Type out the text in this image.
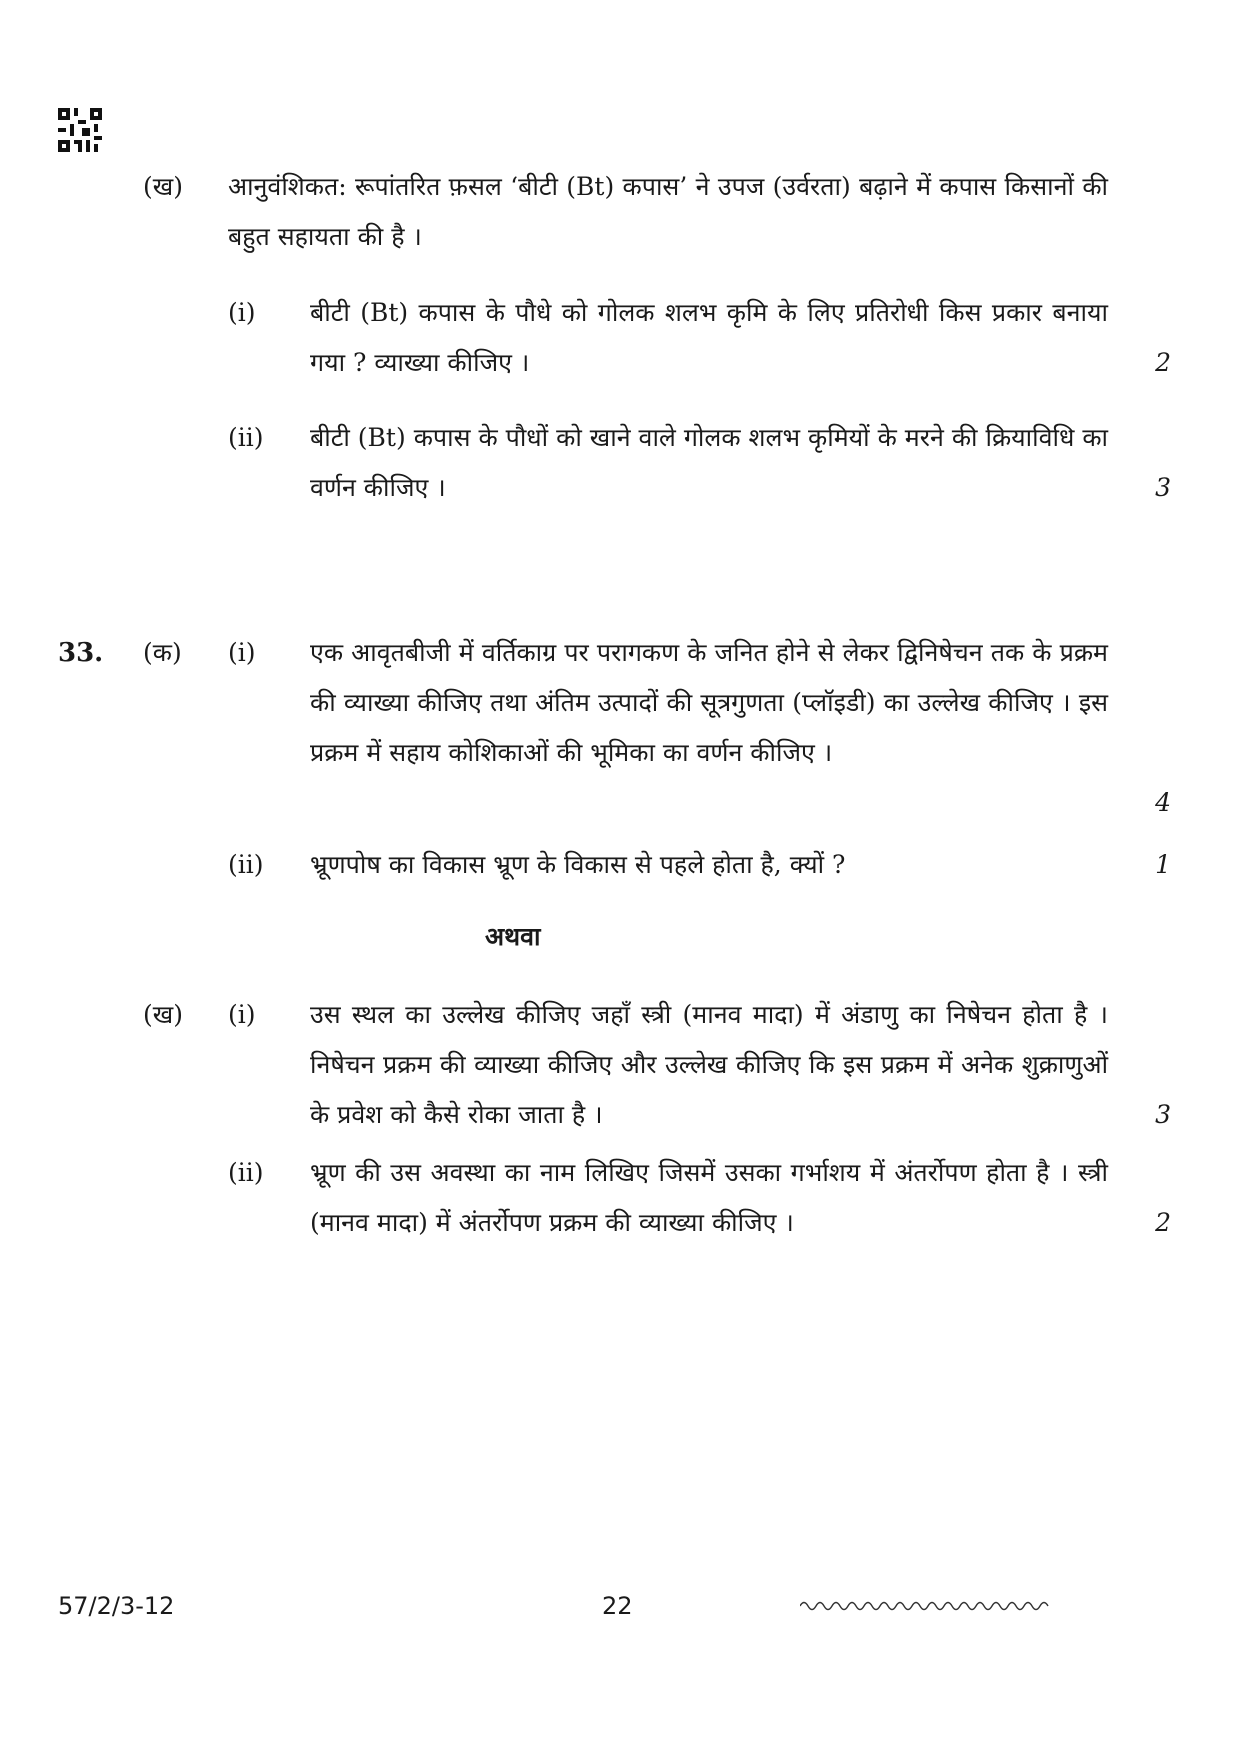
(ख) आनुवंशिकत: रूपांतरित फ़सल ‘बीटी (Bt) कपास’ ने उपज (उर्वरता) बढ़ाने में कपास किसानों की बहुत सहायता की है ।
(i) बीटी (Bt) कपास के पौधे को गोलक शलभ कृमि के लिए प्रतिरोधी किस प्रकार बनाया गया ? व्याख्या कीजिए ।	2
(ii) बीटी (Bt) कपास के पौधों को खाने वाले गोलक शलभ कृमियों के मरने की क्रियाविधि का वर्णन कीजिए ।	3
33. (क) (i) एक आवृतबीजी में वर्तिकाग्र पर परागकण के जनित होने से लेकर द्विनिषेचन तक के प्रक्रम की व्याख्या कीजिए तथा अंतिम उत्पादों की सूत्रगुणता (प्लॉइडी) का उल्लेख कीजिए । इस प्रक्रम में सहाय कोशिकाओं की भूमिका का वर्णन कीजिए ।
4
(ii) भ्रूणपोष का विकास भ्रूण के विकास से पहले होता है, क्यों ?	1
अथवा
(ख) (i) उस स्थल का उल्लेख कीजिए जहाँ स्त्री (मानव मादा) में अंडाणु का निषेचन होता है । निषेचन प्रक्रम की व्याख्या कीजिए और उल्लेख कीजिए कि इस प्रक्रम में अनेक शुक्राणुओं के प्रवेश को कैसे रोका जाता है ।	3
(ii) भ्रूण की उस अवस्था का नाम लिखिए जिसमें उसका गर्भाशय में अंतर्रोपण होता है । स्त्री (मानव मादा) में अंतर्रोपण प्रक्रम की व्याख्या कीजिए ।	2
57/2/3-12	22
